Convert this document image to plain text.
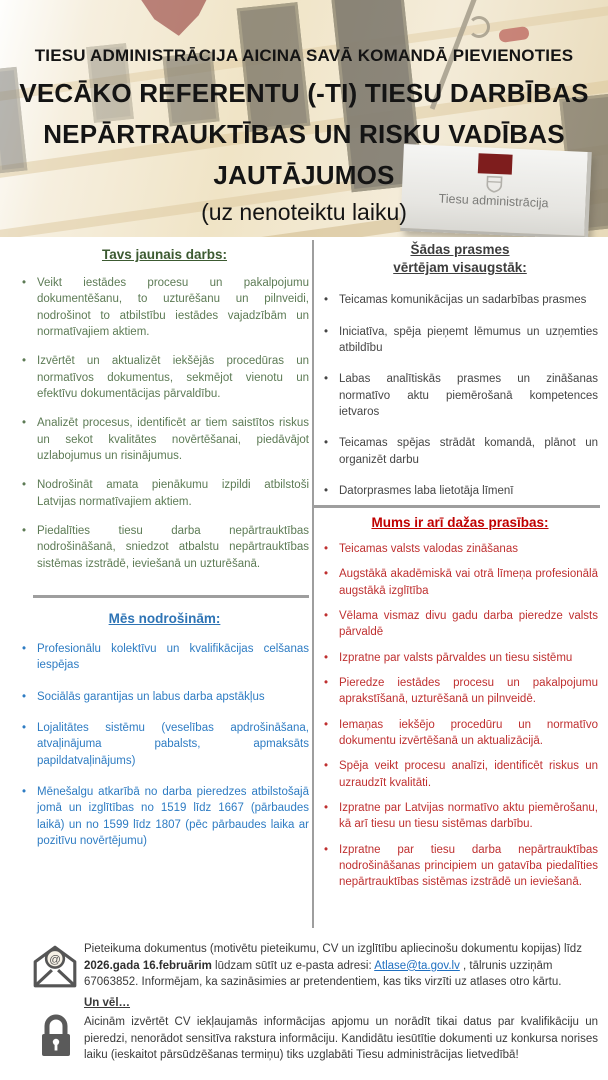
Tiesu administrācija
TIESU ADMINISTRĀCIJA AICINA SAVĀ KOMANDĀ PIEVIENOTIES
VECĀKO REFERENTU (-TI) TIESU DARBĪBAS
NEPĀRTRAUKTĪBAS UN RISKU VADĪBAS
JAUTĀJUMOS
(uz nenoteiktu laiku)
Tavs jaunais darbs:
• Veikt iestādes procesu un pakalpojumu dokumentēšanu, to uzturēšanu un pilnveidi, nodrošinot to atbilstību iestādes vajadzībām un normatīvajiem aktiem.
• Izvērtēt un aktualizēt iekšējās procedūras un normatīvos dokumentus, sekmējot vienotu un efektīvu dokumentācijas pārvaldību.
• Analizēt procesus, identificēt ar tiem saistītos riskus un sekot kvalitātes novērtēšanai, piedāvājot uzlabojumus un risinājumus.
• Nodrošināt amata pienākumu izpildi atbilstoši Latvijas normatīvajiem aktiem.
• Piedalīties tiesu darba nepārtrauktības nodrošināšanā, sniedzot atbalstu nepārtrauktības sistēmas izstrādē, ieviešanā un uzturēšanā.
Mēs nodrošinām:
• Profesionālu kolektīvu un kvalifikācijas celšanas iespējas
• Sociālās garantijas un labus darba apstākļus
• Lojalitātes sistēmu (veselības apdrošināšana, atvaļinājuma pabalsts, apmaksāts papildatvaļinājums)
• Mēnešalgu atkarībā no darba pieredzes atbilstošajā jomā un izglītības no 1519 līdz 1667 (pārbaudes laikā) un no 1599 līdz 1807 (pēc pārbaudes laika ar pozitīvu novērtējumu)
Šādas prasmes
vērtējam visaugstāk:
• Teicamas komunikācijas un sadarbības prasmes
• Iniciatīva, spēja pieņemt lēmumus un uzņemties atbildību
• Labas analītiskās prasmes un zināšanas normatīvo aktu piemērošanā kompetences ietvaros
• Teicamas spējas strādāt komandā, plānot un organizēt darbu
• Datorprasmes laba lietotāja līmenī
Mums ir arī dažas prasības:
• Teicamas valsts valodas zināšanas
• Augstākā akadēmiskā vai otrā līmeņa profesionālā augstākā izglītība
• Vēlama vismaz divu gadu darba pieredze valsts pārvaldē
• Izpratne par valsts pārvaldes un tiesu sistēmu
• Pieredze iestādes procesu un pakalpojumu aprakstīšanā, uzturēšanā un pilnveidē.
• Iemaņas iekšējo procedūru un normatīvo dokumentu izvērtēšanā un aktualizācijā.
• Spēja veikt procesu analīzi, identificēt riskus un uzraudzīt kvalitāti.
• Izpratne par Latvijas normatīvo aktu piemērošanu, kā arī tiesu un tiesu sistēmas darbību.
• Izpratne par tiesu darba nepārtrauktības nodrošināšanas principiem un gatavība piedalīties nepārtrauktības sistēmas izstrādē un ieviešanā.
@

Pieteikuma dokumentus (motivētu pieteikumu, CV un izglītību apliecinošu dokumentu kopijas) līdz 2026.gada 16.februārim lūdzam sūtīt uz e-pasta adresi: Atlase@ta.gov.lv , tālrunis uzziņām 67063852. Informējam, ka sazināsimies ar pretendentiem, kas tiks virzīti uz atlases otro kārtu.

Un vēl…

Aicinām izvērtēt CV iekļaujamās informācijas apjomu un norādīt tikai datus par kvalifikāciju un pieredzi, nenorādot sensitīva rakstura informāciju. Kandidātu iesūtītie dokumenti uz konkursa norises laiku (ieskaitot pārsūdzēšanas termiņu) tiks uzglabāti Tiesu administrācijas lietvedībā!
